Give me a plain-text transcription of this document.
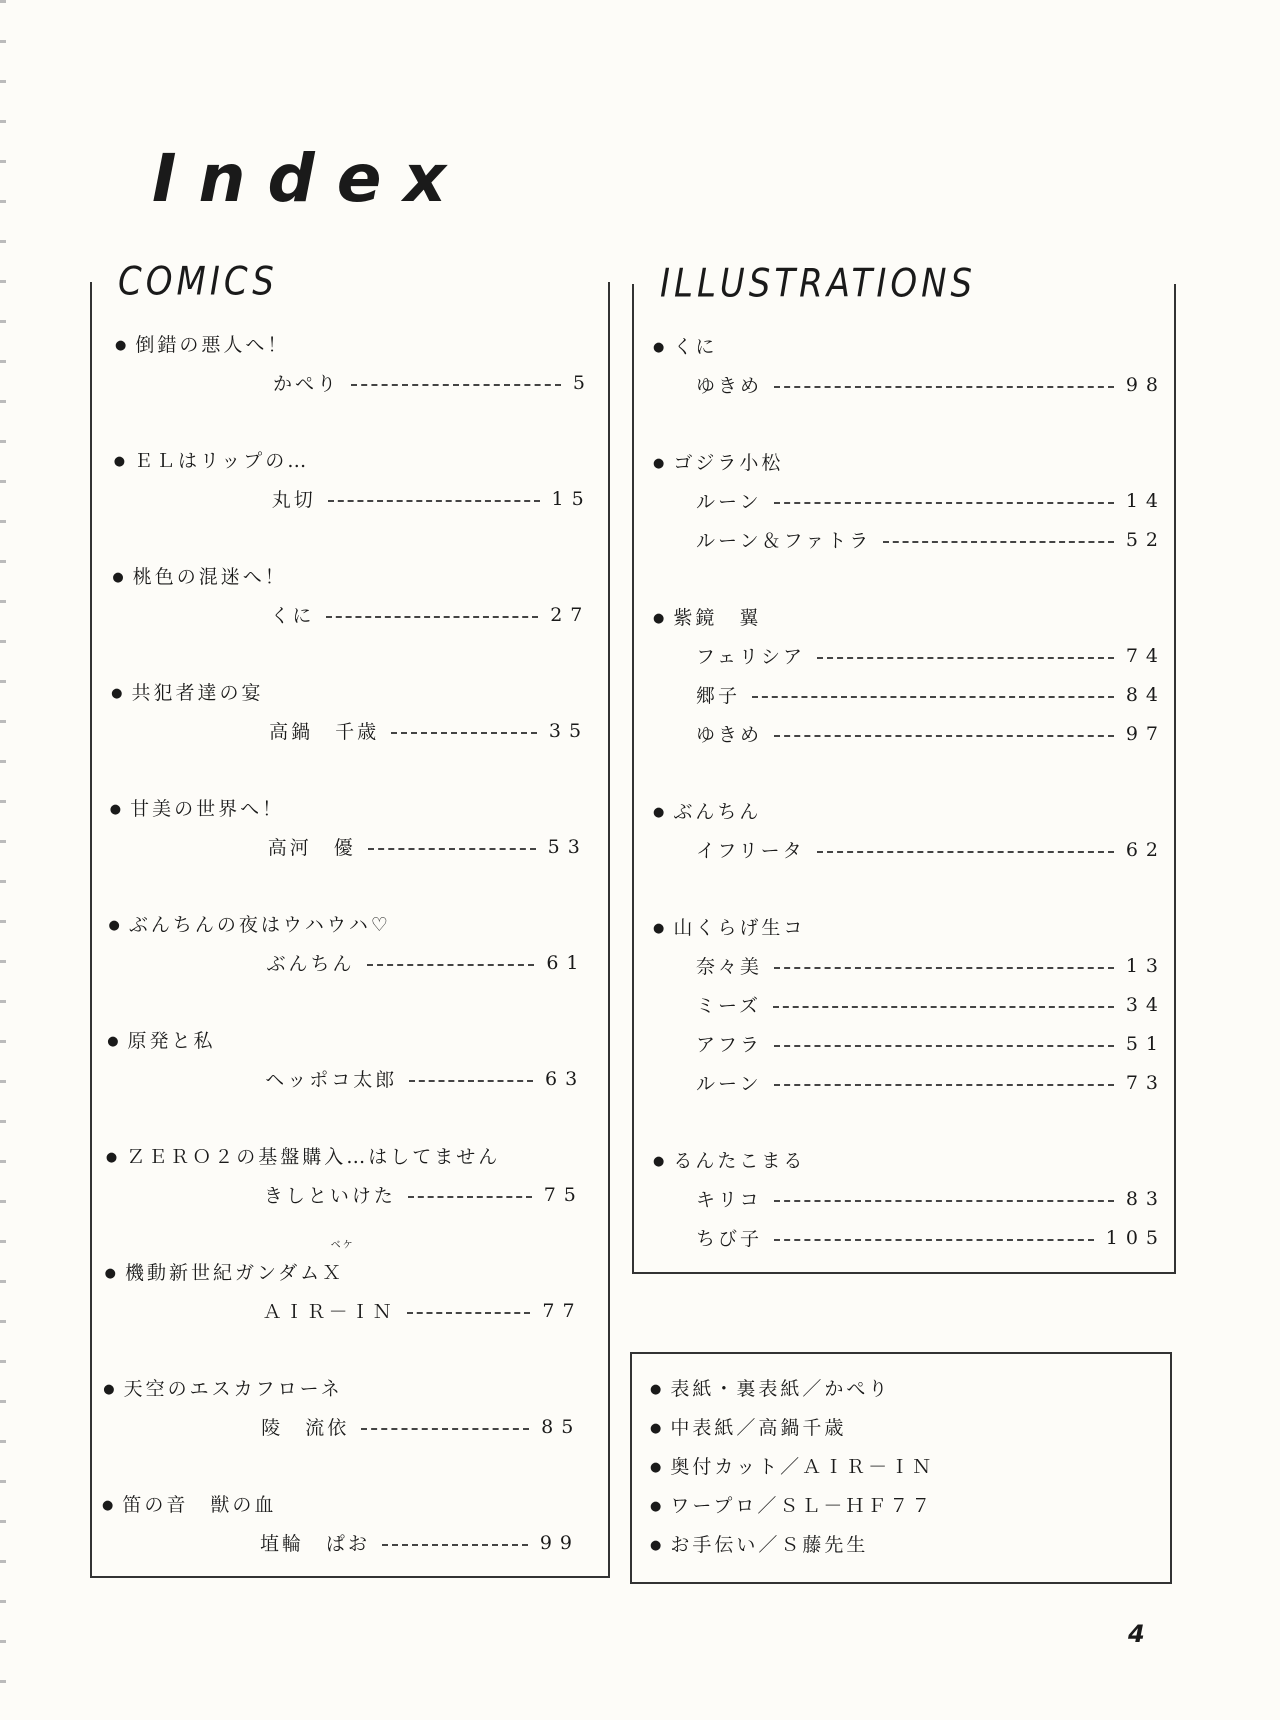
Index
COMICS
● 倒錯の悪人へ！
かぺり	5
● ＥＬはリップの…
丸切	15
● 桃色の混迷へ！
くに	27
● 共犯者達の宴
高鍋　千歳	35
● 甘美の世界へ！
高河　優	53
● ぶんちんの夜はウハウハ♡
ぶんちん	61
● 原発と私
ヘッポコ太郎	63
● ＺＥＲＯ２の基盤購入…はしてません
きしといけた	75
● 機動新世紀ガンダムＸ
ベケ
ＡＩＲ－ＩＮ	77
● 天空のエスカフローネ
陵　流依	85
● 笛の音　獣の血
埴輪　ぱお	99
ILLUSTRATIONS
● くに
ゆきめ	98
● ゴジラ小松
ルーン	14
ルーン＆ファトラ	52
● 紫鏡　翼
フェリシア	74
郷子	84
ゆきめ	97
● ぶんちん
イフリータ	62
● 山くらげ生コ
奈々美	13
ミーズ	34
アフラ	51
ルーン	73
● るんたこまる
キリコ	83
ちび子	105
● 表紙・裏表紙／かぺり
● 中表紙／高鍋千歳
● 奥付カット／ＡＩＲ－ＩＮ
● ワープロ／ＳＬ－ＨＦ７７
● お手伝い／Ｓ藤先生
4
